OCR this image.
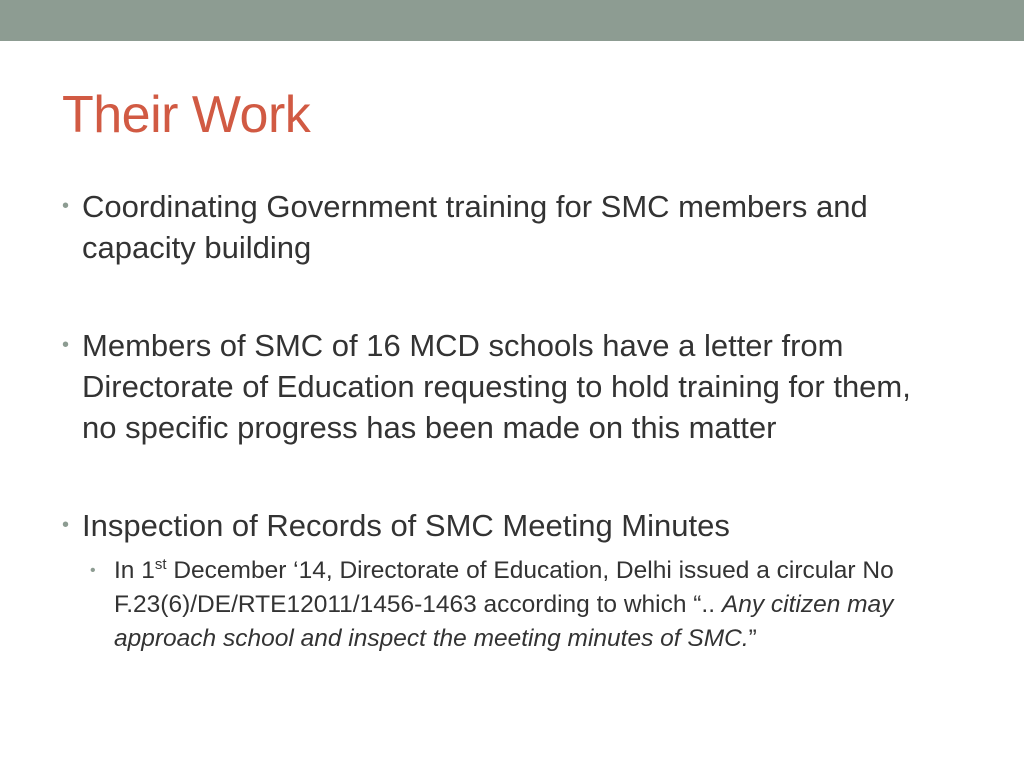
Their Work
• Coordinating Government training for SMC members and capacity building
• Members of SMC of 16 MCD schools have a letter from Directorate of Education requesting to hold training for them, no specific progress has been made on this matter
• Inspection of Records of SMC Meeting Minutes
• In 1st December ‘14, Directorate of Education, Delhi issued a circular No F.23(6)/DE/RTE12011/1456-1463 according to which “.. Any citizen may approach school and inspect the meeting minutes of SMC.”
